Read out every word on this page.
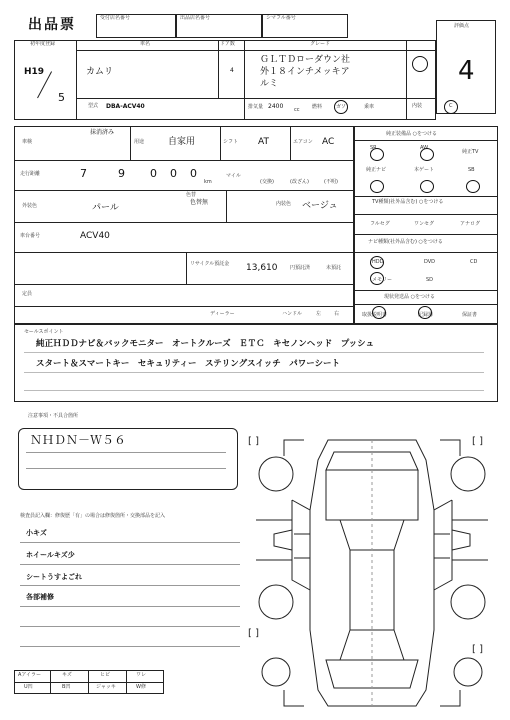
出品票	受付店名番号	出品店名番号	シマフル番号
評価点
4
初年度登録
H19
5
車名
カムリ
ドア数
4
グレード
ＧＬＴＤローダウン社
外１８インチメッキア
ルミ
型式 DBA-ACV40	排気量 2400 cc	燃料	ガソ	乗車	内装	C
車検
抹消済み
用途	自家用	シフト AT	エアコン AC
走行距離	7	9 0 0 0
km
マイル
(交換)	(改ざん)	(不明)
外装色	パール
色替
色替無	内装色 ベージュ
車台番号	ACV40
リサイクル預託金 13,610	円預託済	未預託
定員
ディーラー	ハンドル	左	右
純正装備品 ○をつける
SR	AW
純正TV
純正ナビ	本ゲート	SB
TV種類(社外品含む) ○をつける
フルセグ	ワンセグ	アナログ
ナビ種類(社外品含む) ○をつける
HDD	DVD	CD
メモリー	SD
現状発送品 ○をつける
取扱説明書	記録簿	保証書
セールスポイント
純正ＨＤＤナビ＆バックモニター　オートクルーズ　ＥＴＣ　キセノンヘッド　プッシュ
スタート＆スマートキー　セキュリティー　ステリングスイッチ　パワーシート
注意事項・不具合箇所
ＮＨＤＮ－Ｗ５６
検査員記入欄：修復歴「有」の場合は修復箇所・交換部品を記入
小キズ
ホイールキズ少
シートうすよごれ
各部補修
Aアイラー	キズ	ヒビ	ワレ
U凹	B凹	ジャッキ	W修
[ ]	[ ]
[ ]
[ ]
